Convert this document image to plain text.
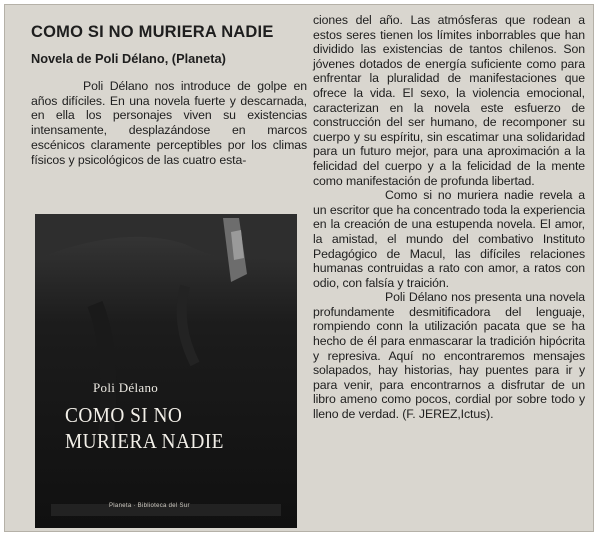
COMO SI NO MURIERA NADIE

Novela de Poli Délano, (Planeta)

Poli Délano nos introduce de golpe en años difíciles. En una novela fuerte y descarnada, en ella los personajes viven su existencias intensamente, desplazándose en marcos escénicos claramente perceptibles por los climas físicos y psicológicos de las cuatro esta-

Poli Délano
COMO SI NO
MURIERA NADIE
Planeta · Biblioteca del Sur

ciones del año. Las atmósferas que rodean a estos seres tienen los límites inborrables que han dividido las existencias de tantos chilenos. Son jóvenes dotados de energía suficiente como para enfrentar la pluralidad de manifestaciones que ofrece la vida. El sexo, la violencia emocional, caracterizan en la novela este esfuerzo de construcción del ser humano, de recomponer su cuerpo y su espíritu, sin escatimar una solidaridad para un futuro mejor, para una aproximación a la felicidad del cuerpo y a la felicidad de la mente como manifestación de profunda libertad.

Como si no muriera nadie revela a un escritor que ha concentrado toda la experiencia en la creación de una estupenda novela. El amor, la amistad, el mundo del combativo Instituto Pedagógico de Macul, las difíciles relaciones humanas contruidas a rato con amor, a ratos con odio, con falsía y traición.

Poli Délano nos presenta una novela profundamente desmitificadora del lenguaje, rompiendo conn la utilización pacata que se ha hecho de él para enmascarar la tradición hipócrita y represiva. Aquí no encontraremos mensajes solapados, hay historias, hay puentes para ir y para venir, para encontrarnos a disfrutar de un libro ameno como pocos, cordial por sobre todo y lleno de verdad. (F. JEREZ,Ictus).
